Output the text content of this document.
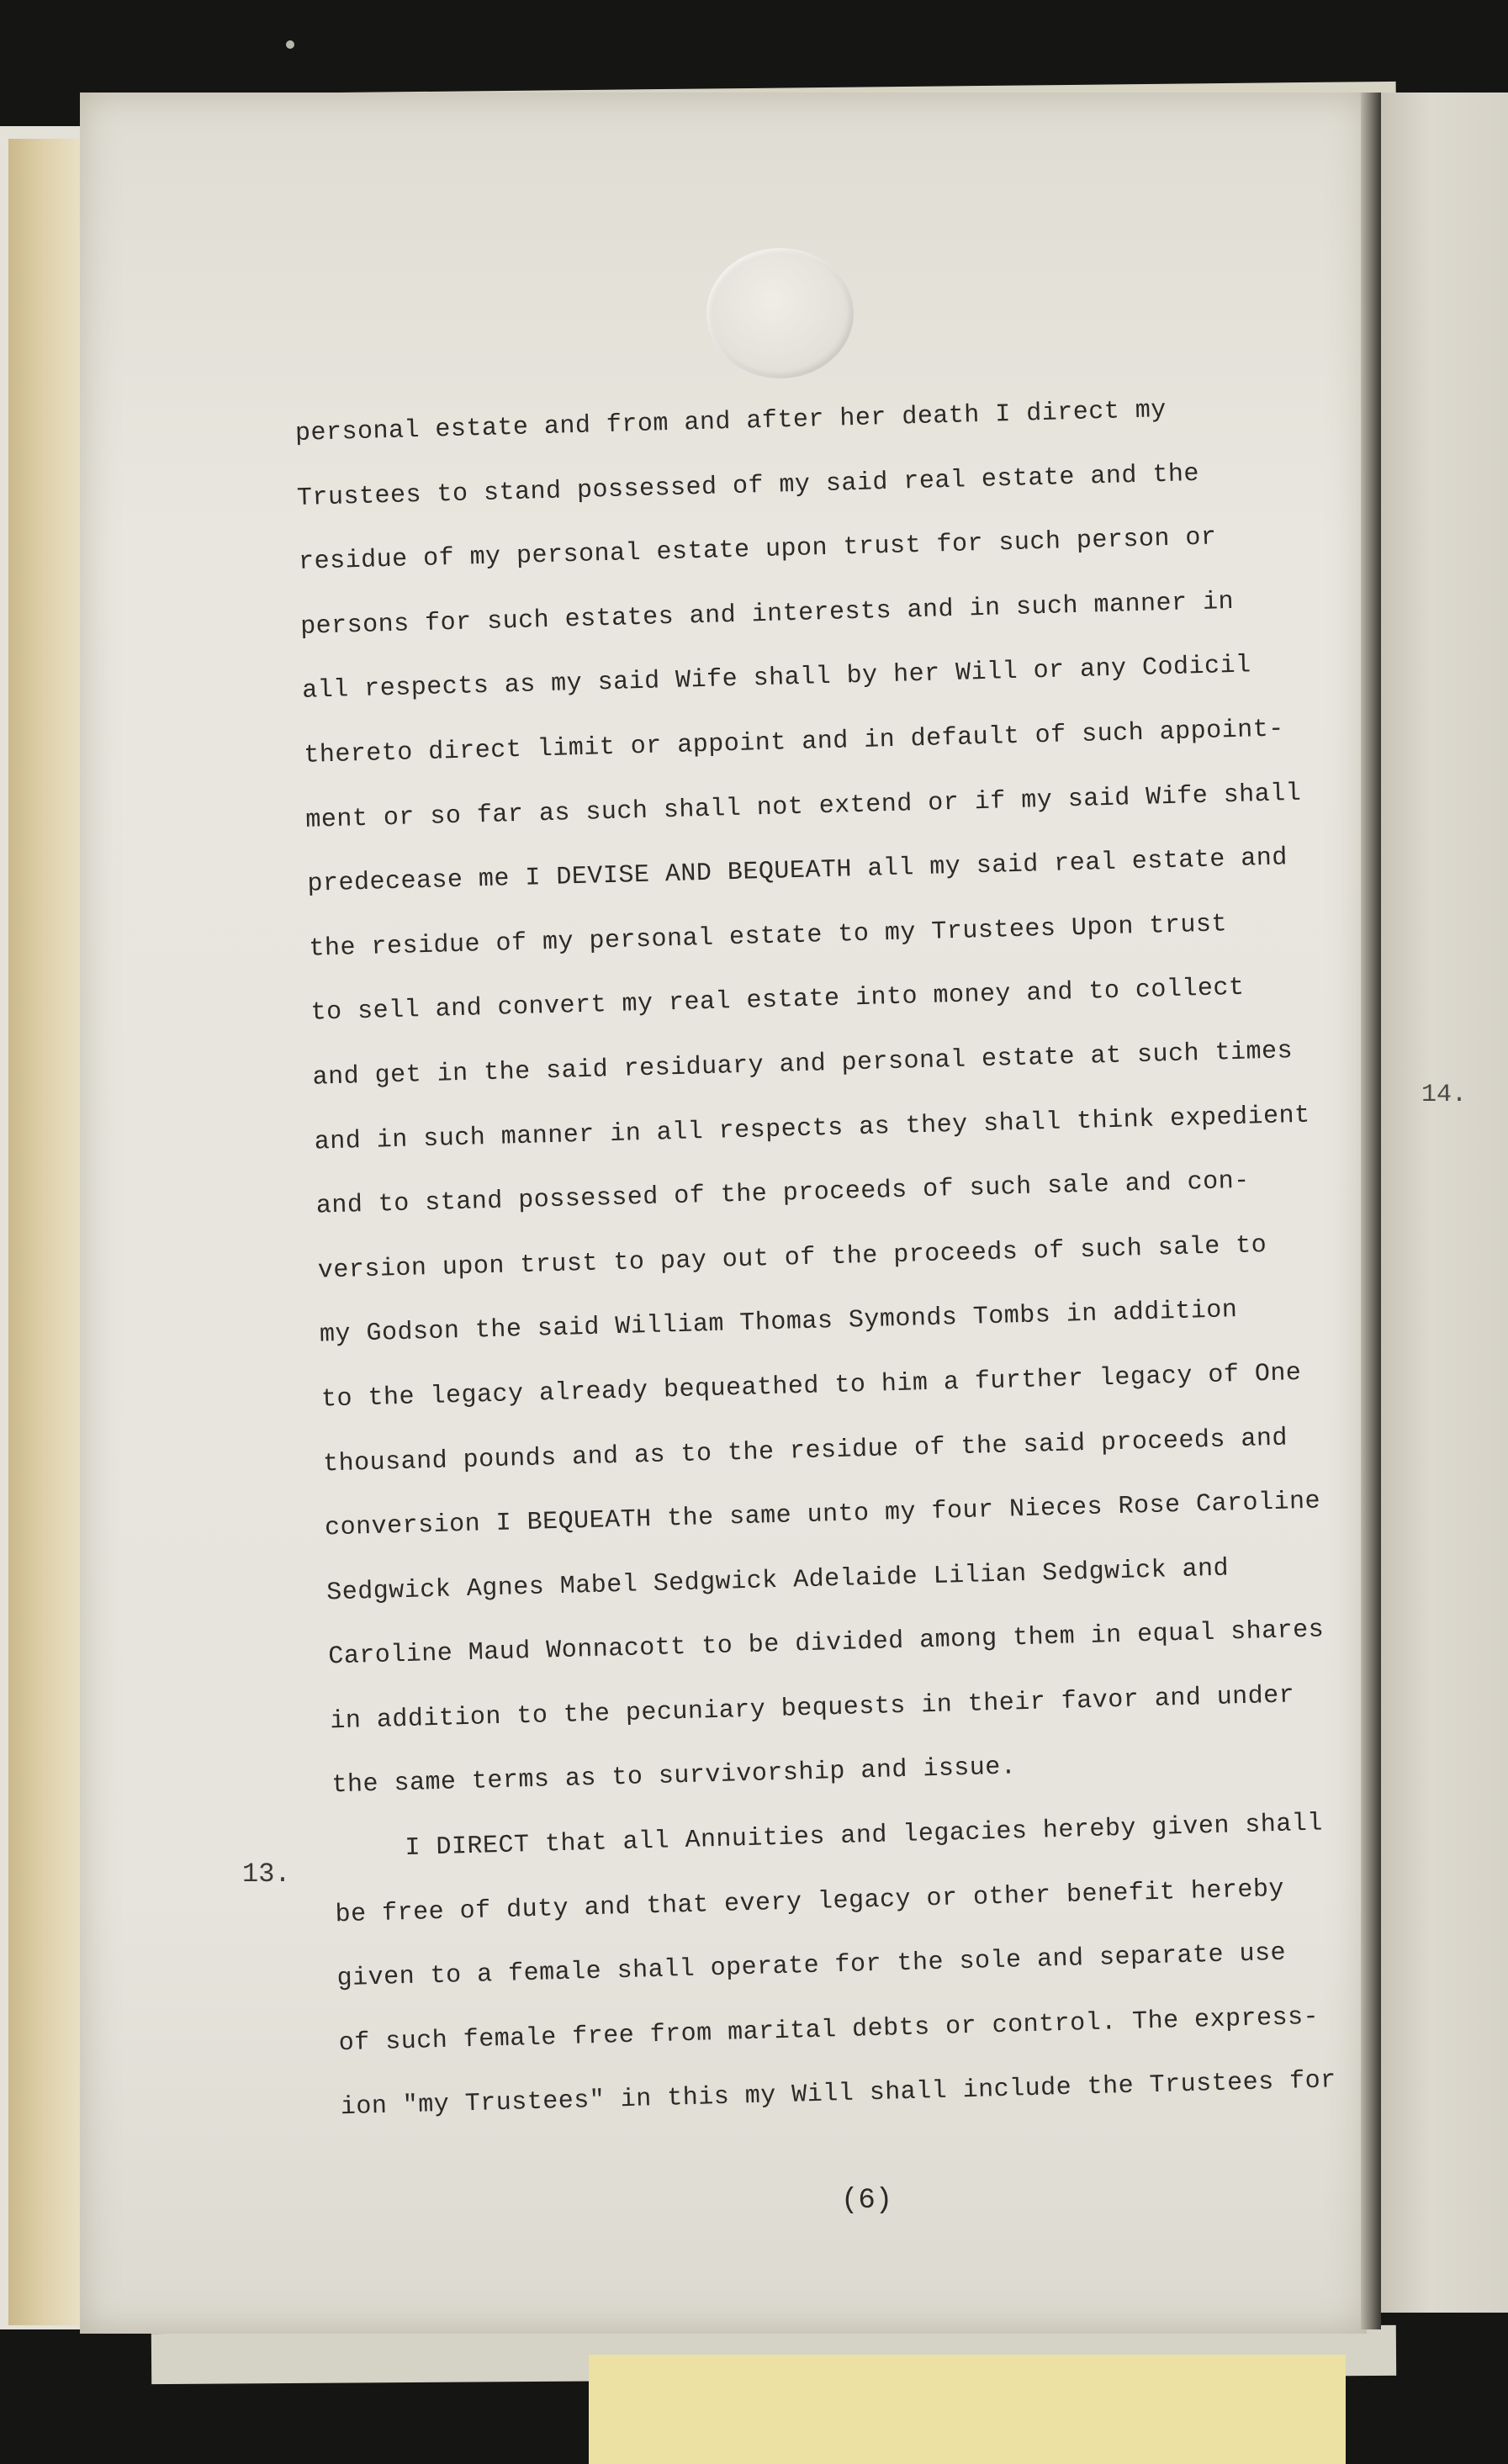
14.
personal estate and from and after her death I direct my
Trustees to stand possessed of my said real estate and the
residue of my personal estate upon trust for such person or
persons for such estates and interests and in such manner in
all respects as my said Wife shall by her Will or any Codicil
thereto direct limit or appoint and in default of such appoint-
ment or so far as such shall not extend or if my said Wife shall
predecease me I DEVISE AND BEQUEATH all my said real estate and
the residue of my personal estate to my Trustees Upon trust
to sell and convert my real estate into money and to collect
and get in the said residuary and personal estate at such times
and in such manner in all respects as they shall think expedient
and to stand possessed of the proceeds of such sale and con-
version upon trust to pay out of the proceeds of such sale to
my Godson the said William Thomas Symonds Tombs in addition
to the legacy already bequeathed to him a further legacy of One
thousand pounds and as to the residue of the said proceeds and
conversion I BEQUEATH the same unto my four Nieces Rose Caroline
Sedgwick Agnes Mabel Sedgwick Adelaide Lilian Sedgwick and
Caroline Maud Wonnacott to be divided among them in equal shares
in addition to the pecuniary bequests in their favor and under
the same terms as to survivorship and issue.
I DIRECT that all Annuities and legacies hereby given shall
be free of duty and that every legacy or other benefit hereby
given to a female shall operate for the sole and separate use
of such female free from marital debts or control. The express-
ion "my Trustees" in this my Will shall include the Trustees for
13.
(6)
